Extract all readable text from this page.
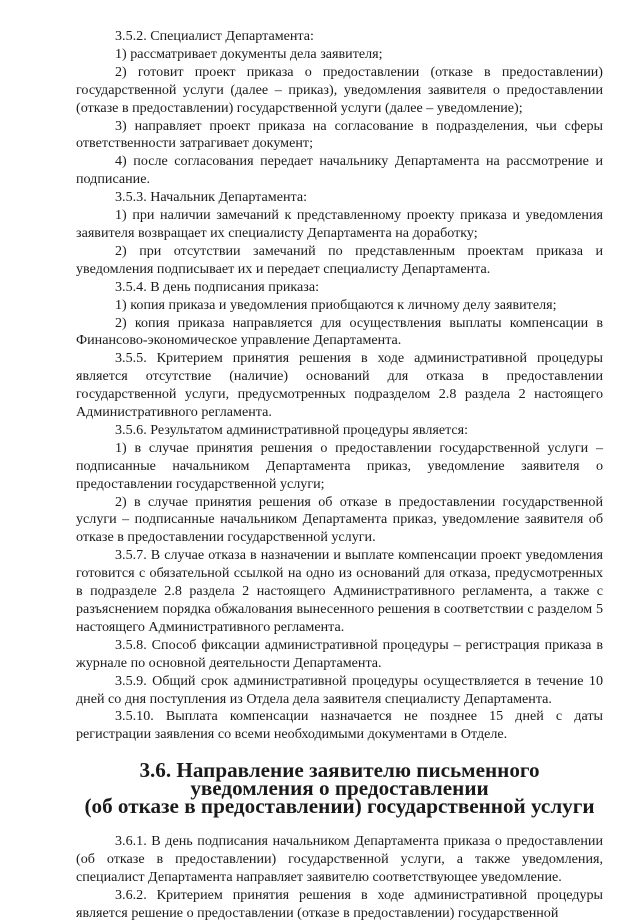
3.5.2. Специалист Департамента:

1) рассматривает документы дела заявителя;

2) готовит проект приказа о предоставлении (отказе в предоставлении) государственной услуги (далее – приказ), уведомления заявителя о предоставлении (отказе в предоставлении) государственной услуги (далее – уведомление);

3) направляет проект приказа на согласование в подразделения, чьи сферы ответственности затрагивает документ;

4) после согласования передает начальнику Департамента на рассмотрение и подписание.

3.5.3. Начальник Департамента:

1) при наличии замечаний к представленному проекту приказа и уведомления заявителя возвращает их специалисту Департамента на доработку;

2) при отсутствии замечаний по представленным проектам приказа и уведомления подписывает их и передает специалисту Департамента.

3.5.4. В день подписания приказа:

1) копия приказа и уведомления приобщаются к личному делу заявителя;

2) копия приказа направляется для осуществления выплаты компенсации в Финансово-экономическое управление Департамента.

3.5.5. Критерием принятия решения в ходе административной процедуры является отсутствие (наличие) оснований для отказа в предоставлении государственной услуги, предусмотренных подразделом 2.8 раздела 2 настоящего Административного регламента.

3.5.6. Результатом административной процедуры является:

1) в случае принятия решения о предоставлении государственной услуги – подписанные начальником Департамента приказ, уведомление заявителя о предоставлении государственной услуги;

2) в случае принятия решения об отказе в предоставлении государственной услуги – подписанные начальником Департамента приказ, уведомление заявителя об отказе в предоставлении государственной услуги.

3.5.7. В случае отказа в назначении и выплате компенсации проект уведомления готовится с обязательной ссылкой на одно из оснований для отказа, предусмотренных в подразделе 2.8 раздела 2 настоящего Административного регламента, а также с разъяснением порядка обжалования вынесенного решения в соответствии с разделом 5 настоящего Административного регламента.

3.5.8. Способ фиксации административной процедуры – регистрация приказа в журнале по основной деятельности Департамента.

3.5.9. Общий срок административной процедуры осуществляется в течение 10 дней со дня поступления из Отдела дела заявителя специалисту Департамента.

3.5.10. Выплата компенсации назначается не позднее 15 дней с даты регистрации заявления со всеми необходимыми документами в Отделе.

3.6. Направление заявителю письменного уведомления о предоставлении
(об отказе в предоставлении) государственной услуги

3.6.1. В день подписания начальником Департамента приказа о предоставлении (об отказе в предоставлении) государственной услуги, а также уведомления, специалист Департамента направляет заявителю соответствующее уведомление.

3.6.2. Критерием принятия решения в ходе административной процедуры является решение о предоставлении (отказе в предоставлении) государственной
